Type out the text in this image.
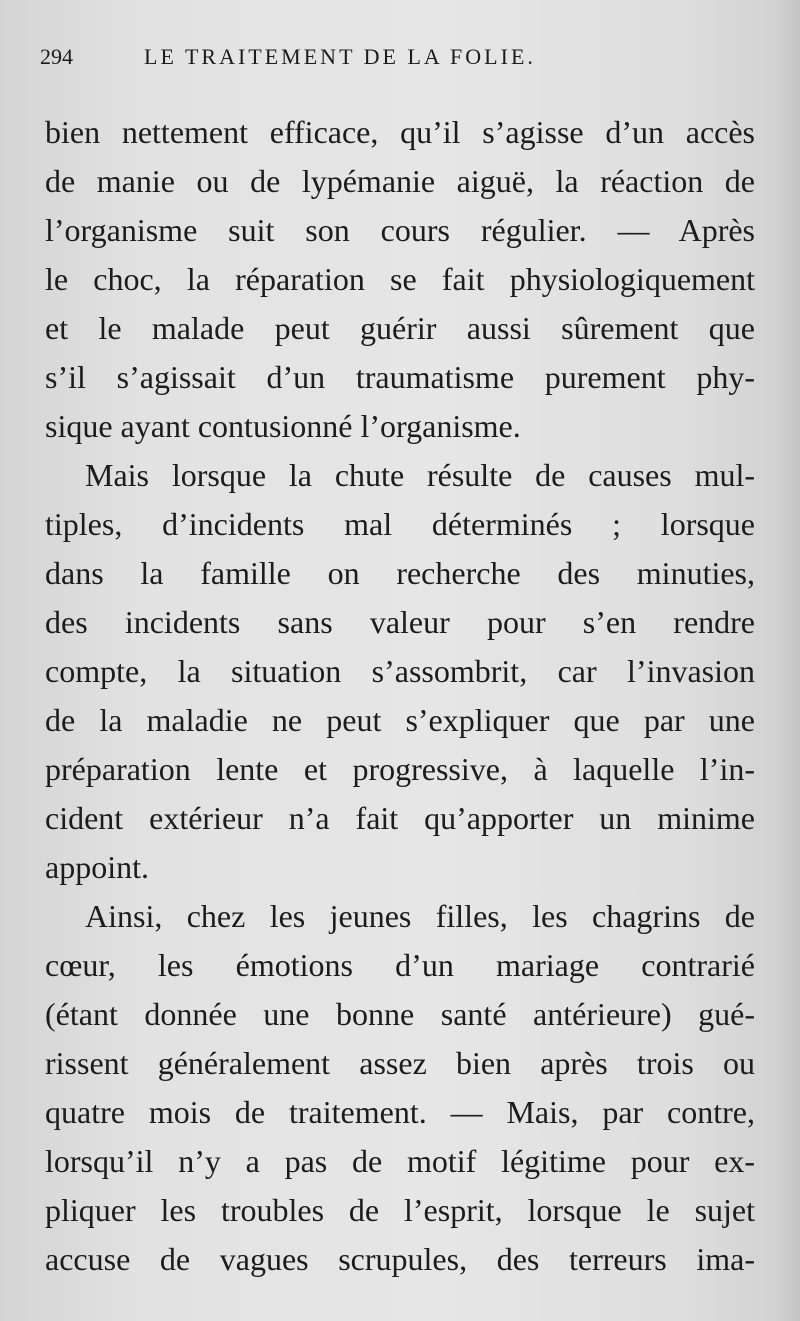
294	LE TRAITEMENT DE LA FOLIE.
bien nettement efficace, qu’il s’agisse d’un accès
de manie ou de lypémanie aiguë, la réaction de
l’organisme suit son cours régulier. — Après
le choc, la réparation se fait physiologiquement
et le malade peut guérir aussi sûrement que
s’il s’agissait d’un traumatisme purement phy-
sique ayant contusionné l’organisme.
Mais lorsque la chute résulte de causes mul-
tiples, d’incidents mal déterminés ; lorsque
dans la famille on recherche des minuties,
des incidents sans valeur pour s’en rendre
compte, la situation s’assombrit, car l’invasion
de la maladie ne peut s’expliquer que par une
préparation lente et progressive, à laquelle l’in-
cident extérieur n’a fait qu’apporter un minime
appoint.
Ainsi, chez les jeunes filles, les chagrins de
cœur, les émotions d’un mariage contrarié
(étant donnée une bonne santé antérieure) gué-
rissent généralement assez bien après trois ou
quatre mois de traitement. — Mais, par contre,
lorsqu’il n’y a pas de motif légitime pour ex-
pliquer les troubles de l’esprit, lorsque le sujet
accuse de vagues scrupules, des terreurs ima-
